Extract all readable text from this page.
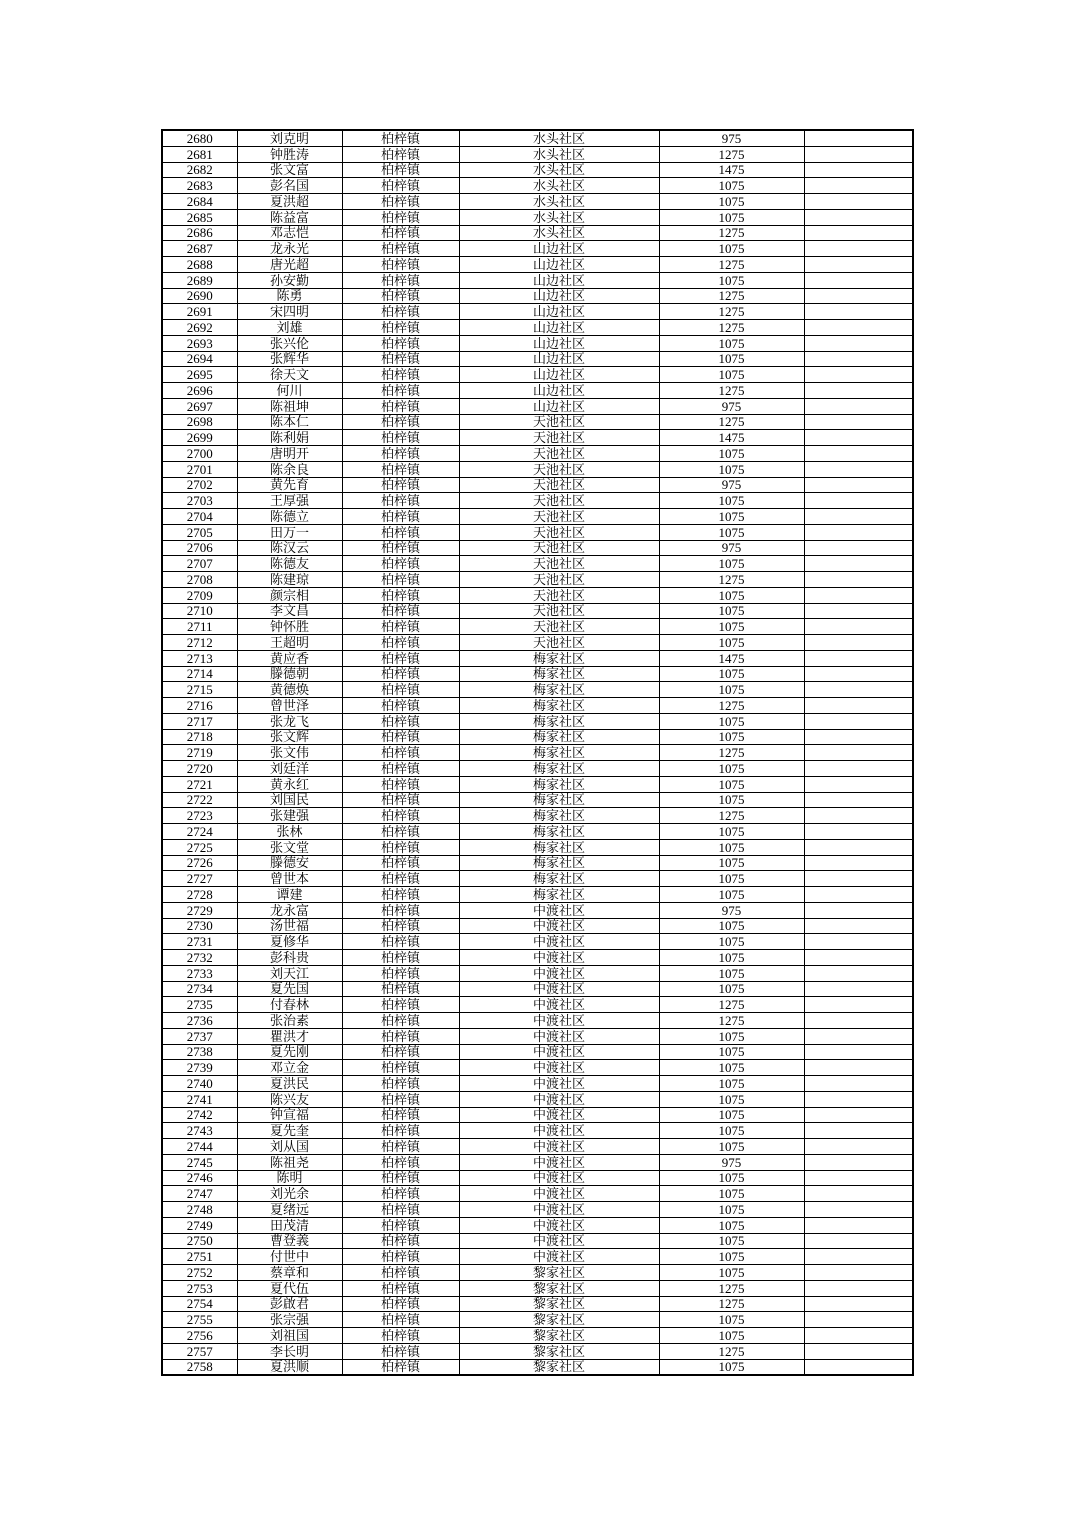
2680	刘克明	柏梓镇	水头社区	975	
2681	钟胜涛	柏梓镇	水头社区	1275	
2682	张文富	柏梓镇	水头社区	1475	
2683	彭名国	柏梓镇	水头社区	1075	
2684	夏洪超	柏梓镇	水头社区	1075	
2685	陈益富	柏梓镇	水头社区	1075	
2686	邓志恺	柏梓镇	水头社区	1275	
2687	龙永光	柏梓镇	山边社区	1075	
2688	唐光超	柏梓镇	山边社区	1275	
2689	孙安勤	柏梓镇	山边社区	1075	
2690	陈勇	柏梓镇	山边社区	1275	
2691	宋四明	柏梓镇	山边社区	1275	
2692	刘雄	柏梓镇	山边社区	1275	
2693	张兴伦	柏梓镇	山边社区	1075	
2694	张辉华	柏梓镇	山边社区	1075	
2695	徐天文	柏梓镇	山边社区	1075	
2696	何川	柏梓镇	山边社区	1275	
2697	陈祖坤	柏梓镇	山边社区	975	
2698	陈本仁	柏梓镇	天池社区	1275	
2699	陈利娟	柏梓镇	天池社区	1475	
2700	唐明开	柏梓镇	天池社区	1075	
2701	陈余良	柏梓镇	天池社区	1075	
2702	黄先育	柏梓镇	天池社区	975	
2703	王厚强	柏梓镇	天池社区	1075	
2704	陈德立	柏梓镇	天池社区	1075	
2705	田万一	柏梓镇	天池社区	1075	
2706	陈汉云	柏梓镇	天池社区	975	
2707	陈德友	柏梓镇	天池社区	1075	
2708	陈建琼	柏梓镇	天池社区	1275	
2709	颜宗相	柏梓镇	天池社区	1075	
2710	李文昌	柏梓镇	天池社区	1075	
2711	钟怀胜	柏梓镇	天池社区	1075	
2712	王超明	柏梓镇	天池社区	1075	
2713	黄应香	柏梓镇	梅家社区	1475	
2714	滕德朝	柏梓镇	梅家社区	1075	
2715	黄德焕	柏梓镇	梅家社区	1075	
2716	曾世泽	柏梓镇	梅家社区	1275	
2717	张龙飞	柏梓镇	梅家社区	1075	
2718	张文辉	柏梓镇	梅家社区	1075	
2719	张文伟	柏梓镇	梅家社区	1275	
2720	刘廷洋	柏梓镇	梅家社区	1075	
2721	黄永红	柏梓镇	梅家社区	1075	
2722	刘国民	柏梓镇	梅家社区	1075	
2723	张建强	柏梓镇	梅家社区	1275	
2724	张林	柏梓镇	梅家社区	1075	
2725	张文堂	柏梓镇	梅家社区	1075	
2726	滕德安	柏梓镇	梅家社区	1075	
2727	曾世本	柏梓镇	梅家社区	1075	
2728	谭建	柏梓镇	梅家社区	1075	
2729	龙永富	柏梓镇	中渡社区	975	
2730	汤世福	柏梓镇	中渡社区	1075	
2731	夏修华	柏梓镇	中渡社区	1075	
2732	彭科贵	柏梓镇	中渡社区	1075	
2733	刘天江	柏梓镇	中渡社区	1075	
2734	夏先国	柏梓镇	中渡社区	1075	
2735	付春林	柏梓镇	中渡社区	1275	
2736	张治素	柏梓镇	中渡社区	1275	
2737	瞿洪才	柏梓镇	中渡社区	1075	
2738	夏先刚	柏梓镇	中渡社区	1075	
2739	邓立金	柏梓镇	中渡社区	1075	
2740	夏洪民	柏梓镇	中渡社区	1075	
2741	陈兴友	柏梓镇	中渡社区	1075	
2742	钟宣福	柏梓镇	中渡社区	1075	
2743	夏先奎	柏梓镇	中渡社区	1075	
2744	刘从国	柏梓镇	中渡社区	1075	
2745	陈祖尧	柏梓镇	中渡社区	975	
2746	陈明	柏梓镇	中渡社区	1075	
2747	刘光余	柏梓镇	中渡社区	1075	
2748	夏绪远	柏梓镇	中渡社区	1075	
2749	田茂清	柏梓镇	中渡社区	1075	
2750	曹登義	柏梓镇	中渡社区	1075	
2751	付世中	柏梓镇	中渡社区	1075	
2752	蔡章和	柏梓镇	黎家社区	1075	
2753	夏代伍	柏梓镇	黎家社区	1275	
2754	彭啟君	柏梓镇	黎家社区	1275	
2755	张宗强	柏梓镇	黎家社区	1075	
2756	刘祖国	柏梓镇	黎家社区	1075	
2757	李长明	柏梓镇	黎家社区	1275	
2758	夏洪顺	柏梓镇	黎家社区	1075	
